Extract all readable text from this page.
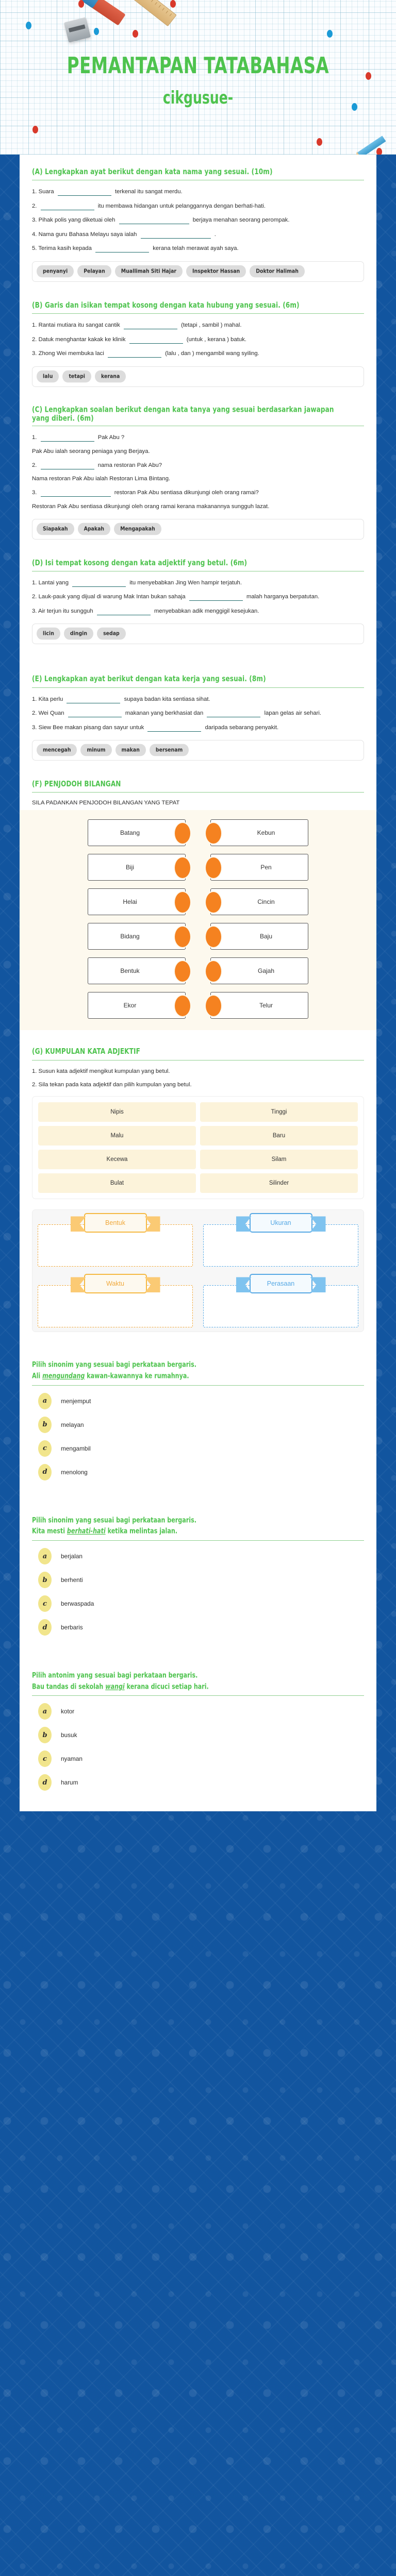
PEMANTAPAN TATABAHASA
cikgusue-
(A) Lengkapkan ayat berikut dengan kata nama yang sesuai. (10m)

1. Suara	terkenal itu sangat merdu.

2.	itu membawa hidangan untuk pelanggannya dengan berhati-hati.

3. Pihak polis yang diketuai oleh	berjaya menahan seorang perompak.

4. Nama guru Bahasa Melayu saya ialah	.

5. Terima kasih kepada	kerana telah merawat ayah saya.

penyanyi	Pelayan	Muallimah Siti Hajar	Inspektor Hassan	Doktor Halimah
(B) Garis dan isikan tempat kosong dengan kata hubung yang sesuai. (6m)

1. Rantai mutiara itu sangat cantik	(tetapi , sambil ) mahal.

2. Datuk menghantar kakak ke klinik	(untuk , kerana ) batuk.

3. Zhong Wei membuka laci	(lalu , dan ) mengambil wang syiling.

lalu	tetapi	kerana
(C) Lengkapkan soalan berikut dengan kata tanya yang sesuai berdasarkan jawapan yang diberi. (6m)

1.	Pak Abu ?

Pak Abu ialah seorang peniaga yang Berjaya.

2.	nama restoran Pak Abu?

Nama restoran Pak Abu ialah Restoran Lima Bintang.

3.	restoran Pak Abu sentiasa dikunjungi oleh orang ramai?

Restoran Pak Abu sentiasa dikunjungi oleh orang ramai kerana makanannya sungguh lazat.

Siapakah	Apakah	Mengapakah
(D) Isi tempat kosong dengan kata adjektif yang betul. (6m)

1. Lantai yang	itu menyebabkan Jing Wen hampir terjatuh.

2. Lauk-pauk yang dijual di warung Mak Intan bukan sahaja	malah harganya berpatutan.

3. Air terjun itu sungguh	menyebabkan adik menggigil kesejukan.

licin	dingin	sedap
(E) Lengkapkan ayat berikut dengan kata kerja yang sesuai. (8m)

1. Kita perlu	supaya badan kita sentiasa sihat.

2. Wei Quan	makanan yang berkhasiat dan	lapan gelas air sehari.

3. Siew Bee makan pisang dan sayur untuk	daripada sebarang penyakit.

mencegah	minum	makan	bersenam
(F) PENJODOH BILANGAN

SILA PADANKAN PENJODOH BILANGAN YANG TEPAT

Batang	Kebun
Biji	Pen
Helai	Cincin
Bidang	Baju
Bentuk	Gajah
Ekor	Telur
(G) KUMPULAN KATA ADJEKTIF

1. Susun kata adjektif mengikut kumpulan yang betul.

2. Sila tekan pada kata adjektif dan pilih kumpulan yang betul.

Nipis	Tinggi
Malu	Baru
Kecewa	Silam
Bulat	Silinder
Bentuk	Ukuran
Waktu	Perasaan
Pilih sinonim yang sesuai bagi perkataan bergaris.
Ali mengundang kawan-kawannya ke rumahnya.
a	menjemput
b	melayan
c	mengambil
d	menolong
Pilih sinonim yang sesuai bagi perkataan bergaris.
Kita mesti berhati-hati ketika melintas jalan.
a	berjalan
b	berhenti
c	berwaspada
d	berbaris
Pilih antonim yang sesuai bagi perkataan bergaris.
Bau tandas di sekolah wangi kerana dicuci setiap hari.
a	kotor
b	busuk
c	nyaman
d	harum
